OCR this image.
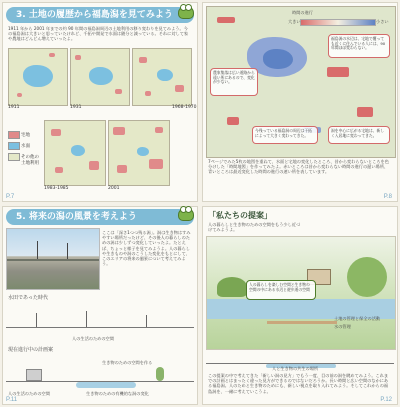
3. 土地の履歴から福島潟を見てみよう
1911 年から 2001 年までの約 90 年間の福島潟周辺の土地利用の移り変わりを見てみよう。今の福島潟は大きいと思っていたけれど、千拓や開発で水面は随分と減っている。それに対して家や農地はどんどん増えていったよ。
1911	1931	1968-1970
1983-1985	2001
宅地
水面
その他の土地利用
P.7
時間の進行
大きい	小さい
福島潟の水辺は、宅地で覆っても近くに住んでいる人には、90 年間ほぼ変わらない。
農家集落は広い道路から遠い所にあるので、変化が少ない。
今残っている福島潟の周辺は干拓によって大きく変わってきた。
潟を中心に広がる宅地は、新しく入居地に変わってきた。
7ページでみた5枚の地図を重ねて、水面と宅地の変化したところ、昔から変わらないところを色分けした「時間地図」を作ってみたよ。赤いところは昔から変わらない時間の進行の遅い場所、青いところは最近変化した時間の進行の速い所を表しています。
P.8
5. 将来の潟の風景を考えよう
ここは「深さ1つつ残る潟」。潟は生き物はすみやすい場所だったけど、その後人の暮らしのための潟は少しずつ変化していったよ。たとえば、ちょっと様子を見てみようよ。人の暮らしや生きものや潟のこうした変化をもとにして、このエリアの将来の風景について考えてみよう。
水田であった時代
人の生活のための空間
現在進行中の計画案
生き物のための空間を作る
人の生活のための空間	生き物のための有機的な潟の変化
P.11
「私たちの提案」
人の暮らしと生き物のための空間をもう少し近づけてみようよ。
人の暮らしを楽しむ空間と生き物の空間の中にある水辺と遊歩道の空間
土地の管理と保全の活動
水の管理
人と生き物の共生の場所
この提案の中で考えてきた「新しい潟の見方」でもう一度、目の前の潟を眺めてみよう。これまでの計画とはまったく違った見方ができるのではないだろうか。長い時間と広い空間のなかにある福島潟。人のためと生き物のためにも、新しい視点を取り入れてみよう。そしてこれからの福島潟を、一緒に考えていこうよ。
P.12
